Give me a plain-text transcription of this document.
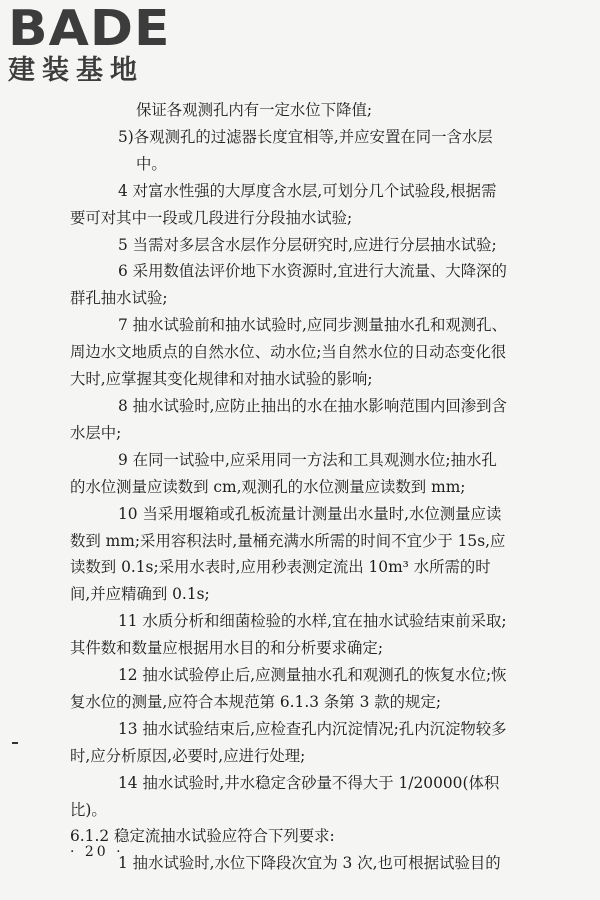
BADE
建装基地
保证各观测孔内有一定水位下降值;
5)各观测孔的过滤器长度宜相等,并应安置在同一含水层
中。
4 对富水性强的大厚度含水层,可划分几个试验段,根据需
要可对其中一段或几段进行分段抽水试验;
5 当需对多层含水层作分层研究时,应进行分层抽水试验;
6 采用数值法评价地下水资源时,宜进行大流量、大降深的
群孔抽水试验;
7 抽水试验前和抽水试验时,应同步测量抽水孔和观测孔、
周边水文地质点的自然水位、动水位;当自然水位的日动态变化很
大时,应掌握其变化规律和对抽水试验的影响;
8 抽水试验时,应防止抽出的水在抽水影响范围内回渗到含
水层中;
9 在同一试验中,应采用同一方法和工具观测水位;抽水孔
的水位测量应读数到 cm,观测孔的水位测量应读数到 mm;
10 当采用堰箱或孔板流量计测量出水量时,水位测量应读
数到 mm;采用容积法时,量桶充满水所需的时间不宜少于 15s,应
读数到 0.1s;采用水表时,应用秒表测定流出 10m³ 水所需的时
间,并应精确到 0.1s;
11 水质分析和细菌检验的水样,宜在抽水试验结束前采取;
其件数和数量应根据用水目的和分析要求确定;
12 抽水试验停止后,应测量抽水孔和观测孔的恢复水位;恢
复水位的测量,应符合本规范第 6.1.3 条第 3 款的规定;
13 抽水试验结束后,应检查孔内沉淀情况;孔内沉淀物较多
时,应分析原因,必要时,应进行处理;
14 抽水试验时,井水稳定含砂量不得大于 1/20000(体积
比)。
6.1.2 稳定流抽水试验应符合下列要求:
1 抽水试验时,水位下降段次宜为 3 次,也可根据试验目的
· 20 ·
